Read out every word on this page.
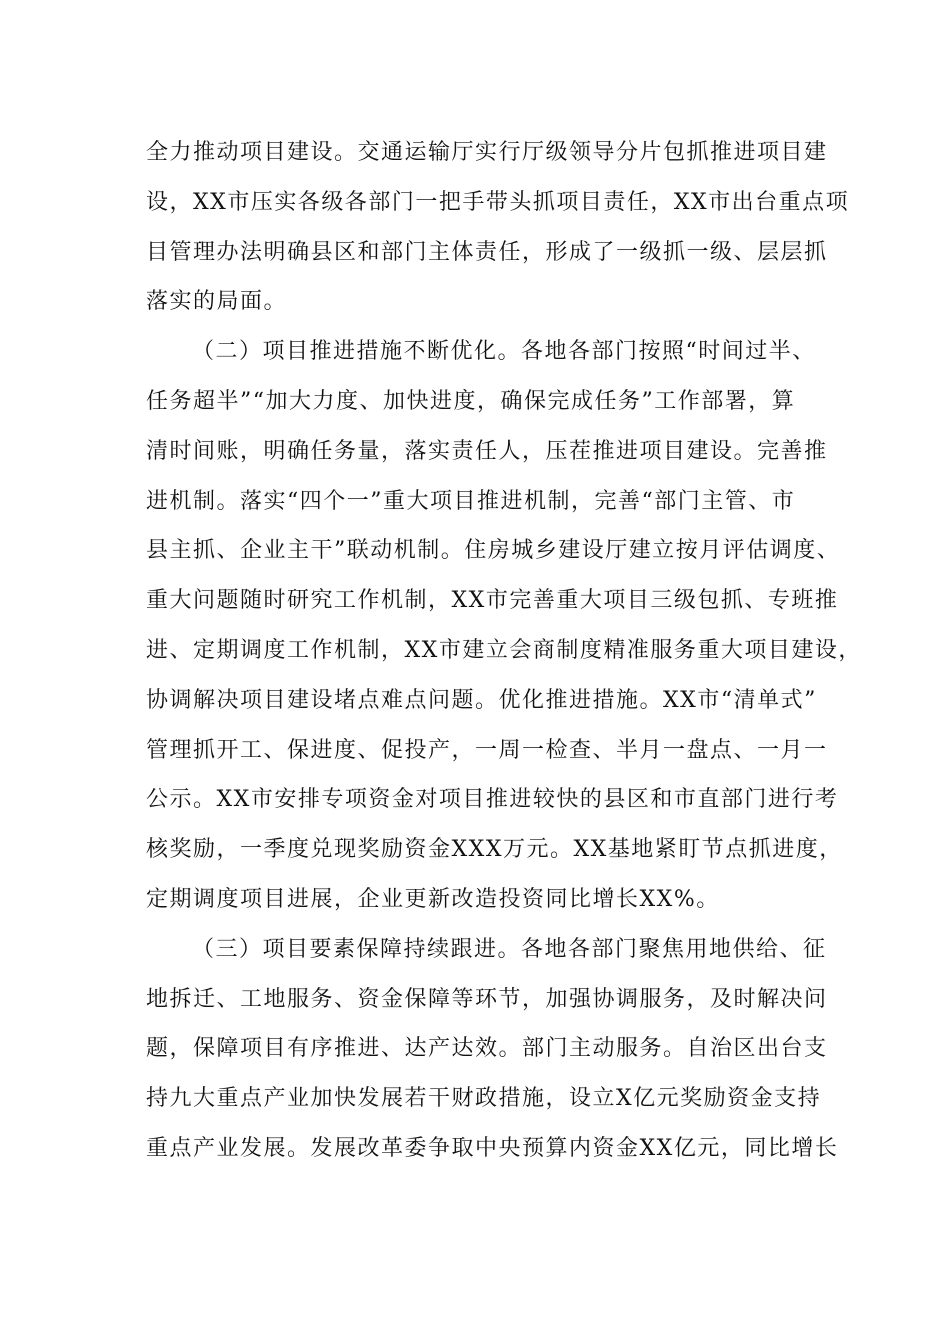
全力推动项目建设。交通运输厅实行厅级领导分片包抓推进项目建
设，XX市压实各级各部门一把手带头抓项目责任，XX市出台重点项
目管理办法明确县区和部门主体责任，形成了一级抓一级、层层抓
落实的局面。
（二）项目推进措施不断优化。各地各部门按照“时间过半、
任务超半”“加大力度、加快进度，确保完成任务”工作部署，算
清时间账，明确任务量，落实责任人，压茬推进项目建设。完善推
进机制。落实“四个一”重大项目推进机制，完善“部门主管、市
县主抓、企业主干”联动机制。住房城乡建设厅建立按月评估调度、
重大问题随时研究工作机制，XX市完善重大项目三级包抓、专班推
进、定期调度工作机制，XX市建立会商制度精准服务重大项目建设，
协调解决项目建设堵点难点问题。优化推进措施。XX市“清单式”
管理抓开工、保进度、促投产，一周一检查、半月一盘点、一月一
公示。XX市安排专项资金对项目推进较快的县区和市直部门进行考
核奖励，一季度兑现奖励资金XXX万元。XX基地紧盯节点抓进度，
定期调度项目进展，企业更新改造投资同比增长XX%。
（三）项目要素保障持续跟进。各地各部门聚焦用地供给、征
地拆迁、工地服务、资金保障等环节，加强协调服务，及时解决问
题，保障项目有序推进、达产达效。部门主动服务。自治区出台支
持九大重点产业加快发展若干财政措施，设立X亿元奖励资金支持
重点产业发展。发展改革委争取中央预算内资金XX亿元，同比增长
